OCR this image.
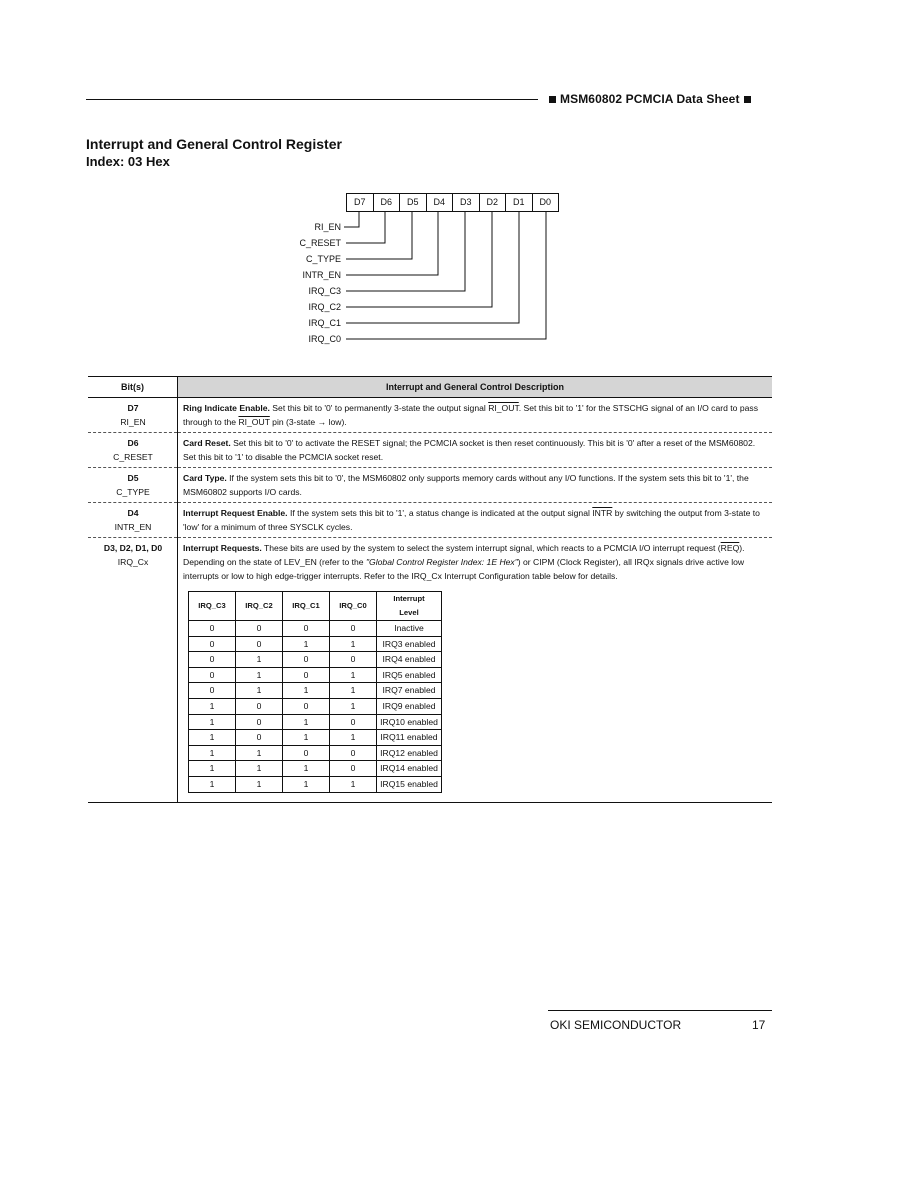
MSM60802 PCMCIA Data Sheet
Interrupt and General Control Register
Index: 03 Hex
D7	D6	D5	D4	D3	D2	D1	D0
RI_EN
C_RESET
C_TYPE
INTR_EN
IRQ_C3
IRQ_C2
IRQ_C1
IRQ_C0
Bit(s)	Interrupt and General Control Description

D7
RI_EN
	Ring Indicate Enable. Set this bit to '0' to permanently 3-state the output signal RI_OUT. Set this bit to '1' for the STSCHG signal of an I/O card to pass through to the RI_OUT pin (3-state → low).

D6
C_RESET
	Card Reset. Set this bit to '0' to activate the RESET signal; the PCMCIA socket is then reset continuously. This bit is '0' after a reset of the MSM60802. Set this bit to '1' to disable the PCMCIA socket reset.

D5
C_TYPE
	Card Type. If the system sets this bit to '0', the MSM60802 only supports memory cards without any I/O functions. If the system sets this bit to '1', the MSM60802 supports I/O cards.

D4
INTR_EN
	Interrupt Request Enable. If the system sets this bit to '1', a status change is indicated at the output signal INTR by switching the output from 3-state to 'low' for a minimum of three SYSCLK cycles.

D3, D2, D1, D0
IRQ_Cx

Interrupt Requests. These bits are used by the system to select the system interrupt signal, which reacts to a PCMCIA I/O interrupt request $(\overline{REQ})$. Depending on the state of LEV_EN (refer to the "Global Control Register Index: 1E Hex") or CIPM (Clock Register), all IRQx signals drive active low interrupts or low to high edge-trigger interrupts. Refer to the IRQ_Cx Interrupt Configuration table below for details.
IRQ_C3	IRQ_C2	IRQ_C1	IRQ_C0	Interrupt Level
0	0	0	0	Inactive
0	0	1	1	IRQ3 enabled
0	1	0	0	IRQ4 enabled
0	1	0	1	IRQ5 enabled
0	1	1	1	IRQ7 enabled
1	0	0	1	IRQ9 enabled
1	0	1	0	IRQ10 enabled
1	0	1	1	IRQ11 enabled
1	1	0	0	IRQ12 enabled
1	1	1	0	IRQ14 enabled
1	1	1	1	IRQ15 enabled
OKI SEMICONDUCTOR	17
